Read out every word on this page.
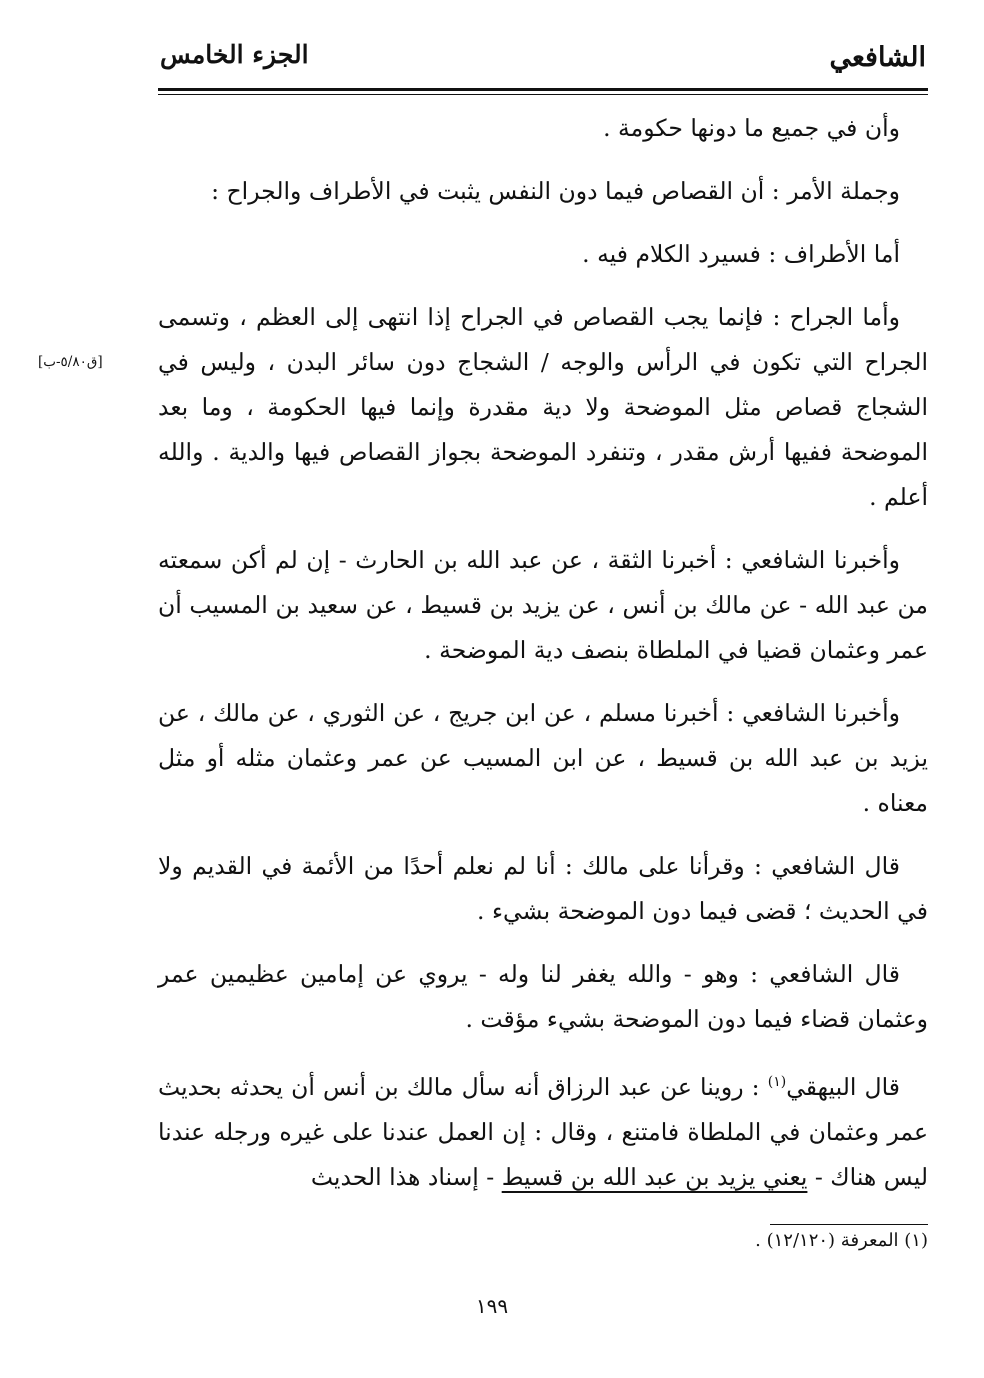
الشافعي
الجزء الخامس
[ق٥/٨٠-ب]

وأن في جميع ما دونها حكومة .

وجملة الأمر : أن القصاص فيما دون النفس يثبت في الأطراف والجراح :

أما الأطراف : فسيرد الكلام فيه .

وأما الجراح : فإنما يجب القصاص في الجراح إذا انتهى إلى العظم ، وتسمى الجراح التي تكون في الرأس والوجه / الشجاج دون سائر البدن ، وليس في الشجاج قصاص مثل الموضحة ولا دية مقدرة وإنما فيها الحكومة ، وما بعد الموضحة ففيها أرش مقدر ، وتنفرد الموضحة بجواز القصاص فيها والدية . والله أعلم .

وأخبرنا الشافعي : أخبرنا الثقة ، عن عبد الله بن الحارث - إن لم أكن سمعته من عبد الله - عن مالك بن أنس ، عن يزيد بن قسيط ، عن سعيد بن المسيب أن عمر وعثمان قضيا في الملطاة بنصف دية الموضحة .

وأخبرنا الشافعي : أخبرنا مسلم ، عن ابن جريج ، عن الثوري ، عن مالك ، عن يزيد بن عبد الله بن قسيط ، عن ابن المسيب عن عمر وعثمان مثله أو مثل معناه .

قال الشافعي : وقرأنا على مالك : أنا لم نعلم أحدًا من الأئمة في القديم ولا في الحديث ؛ قضى فيما دون الموضحة بشيء .

قال الشافعي : وهو - والله يغفر لنا وله - يروي عن إمامين عظيمين عمر وعثمان قضاء فيما دون الموضحة بشيء مؤقت .

قال البيهقي$^{(١)}$ : روينا عن عبد الرزاق أنه سأل مالك بن أنس أن يحدثه بحديث عمر وعثمان في الملطاة فامتنع ، وقال : إن العمل عندنا على غيره ورجله عندنا ليس هناك - يعني يزيد بن عبد الله بن قسيط - إسناد هذا الحديث

(١) المعرفة (١٢/١٢٠) .
١٩٩
